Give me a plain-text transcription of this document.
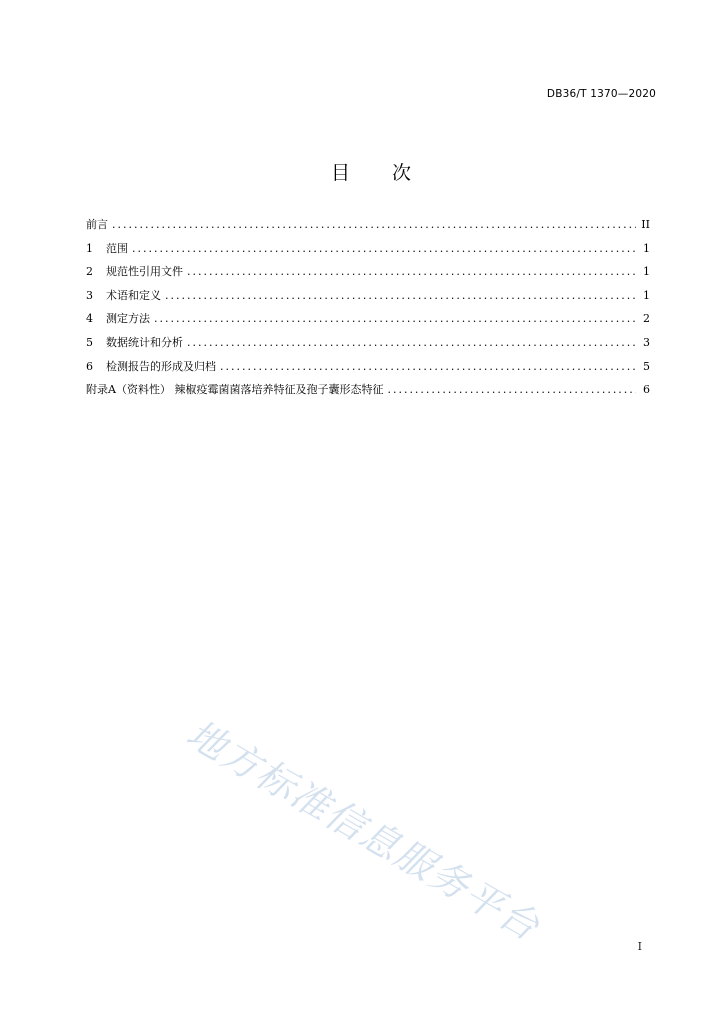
DB36/T 1370—2020
目 次
前言 .....	II
1	范围 .....	1
2	规范性引用文件 .....	1
3	术语和定义 .....	1
4	测定方法 .....	2
5	数据统计和分析 .....	3
6	检测报告的形成及归档 .....	5
附录A（资料性） 辣椒疫霉菌菌落培养特征及孢子囊形态特征 .....	6
地方标准信息服务平台	I
